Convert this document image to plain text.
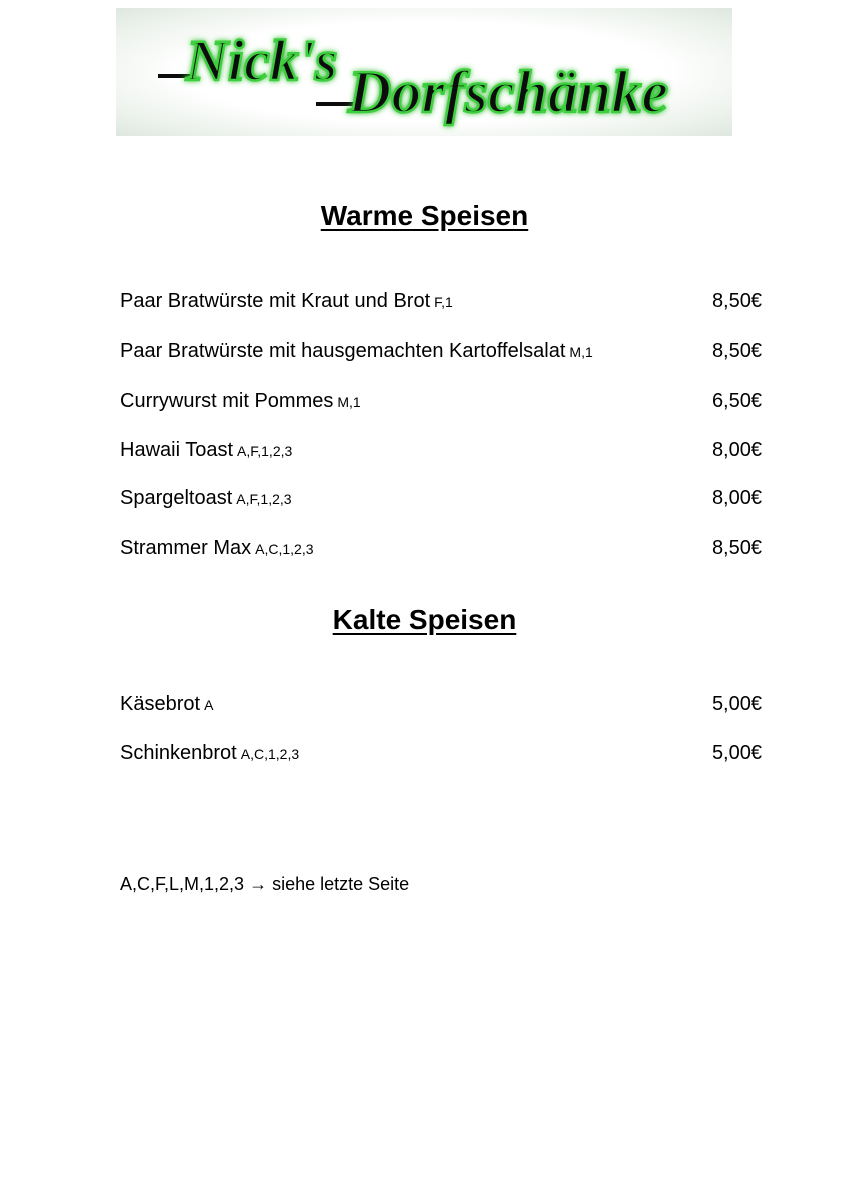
Nick's Dorfschänke
Warme Speisen
Paar Bratwürste mit Kraut und Brot F,1	8,50€
Paar Bratwürste mit hausgemachten Kartoffelsalat M,1	8,50€
Currywurst mit Pommes M,1	6,50€
Hawaii Toast A,F,1,2,3	8,00€
Spargeltoast A,F,1,2,3	8,00€
Strammer Max A,C,1,2,3	8,50€
Kalte Speisen
Käsebrot A	5,00€
Schinkenbrot A,C,1,2,3	5,00€
A,C,F,L,M,1,2,3 → siehe letzte Seite
